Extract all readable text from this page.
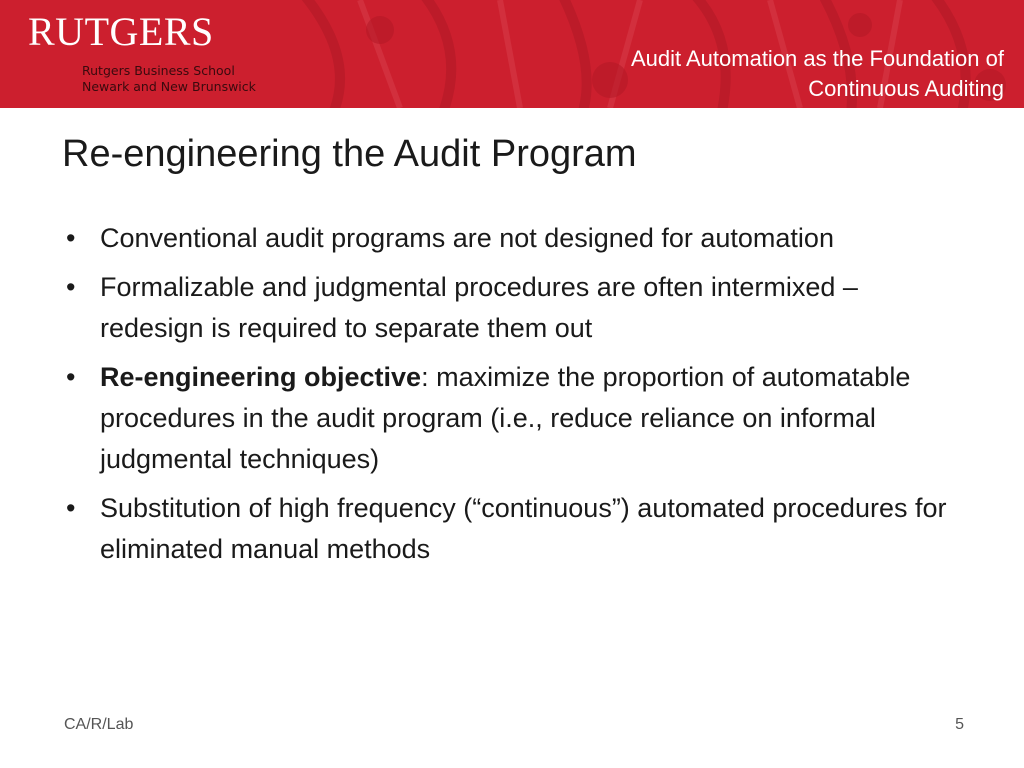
RUTGERS
Rutgers Business School
Newark and New Brunswick
Audit Automation as the Foundation of
Continuous Auditing
Re-engineering the Audit Program
• Conventional audit programs are not designed for automation
• Formalizable and judgmental procedures are often intermixed – redesign is required to separate them out
• Re-engineering objective: maximize the proportion of automatable procedures in the audit program (i.e., reduce reliance on informal judgmental techniques)
• Substitution of high frequency (“continuous”) automated procedures for eliminated manual methods
CA/R/Lab	5
